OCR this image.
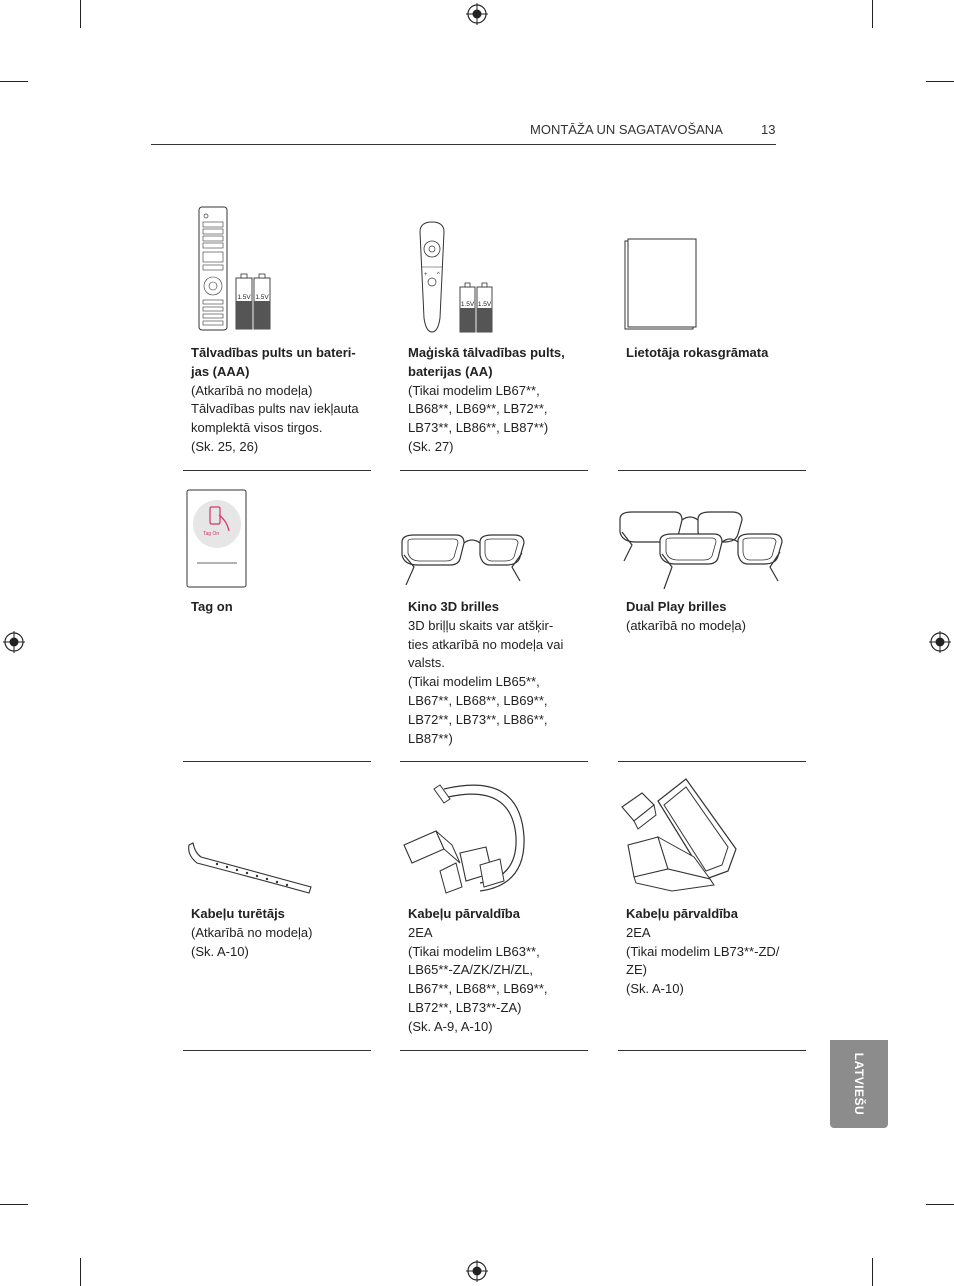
MONTĀŽA UN SAGATAVOŠANA	13
1.5V 1.5V
Tālvadības pults un bateri-
jas (AAA)
(Atkarībā no modeļa)
Tālvadības pults nav iekļauta
komplektā visos tirgos.
(Sk. 25, 26)
+ ^
1.5V 1.5V
Maģiskā tālvadības pults,
baterijas (AA)
(Tikai modelim LB67**,
LB68**, LB69**, LB72**,
LB73**, LB86**, LB87**)
(Sk. 27)
Lietotāja rokasgrāmata
Tag On
Tag on	Kino 3D brilles
3D briļļu skaits var atšķir-
ties atkarībā no modeļa vai
valsts.
(Tikai modelim LB65**,
LB67**, LB68**, LB69**,
LB72**, LB73**, LB86**,
LB87**)
Dual Play brilles
(atkarībā no modeļa)
Kabeļu turētājs
(Atkarībā no modeļa)
(Sk. A-10)
Kabeļu pārvaldība
2EA
(Tikai modelim LB63**,
LB65**-ZA/ZK/ZH/ZL,
LB67**, LB68**, LB69**,
LB72**, LB73**-ZA)
(Sk. A-9, A-10)
Kabeļu pārvaldība
2EA
(Tikai modelim LB73**-ZD/
ZE)
(Sk. A-10)
LATVIEŠU
